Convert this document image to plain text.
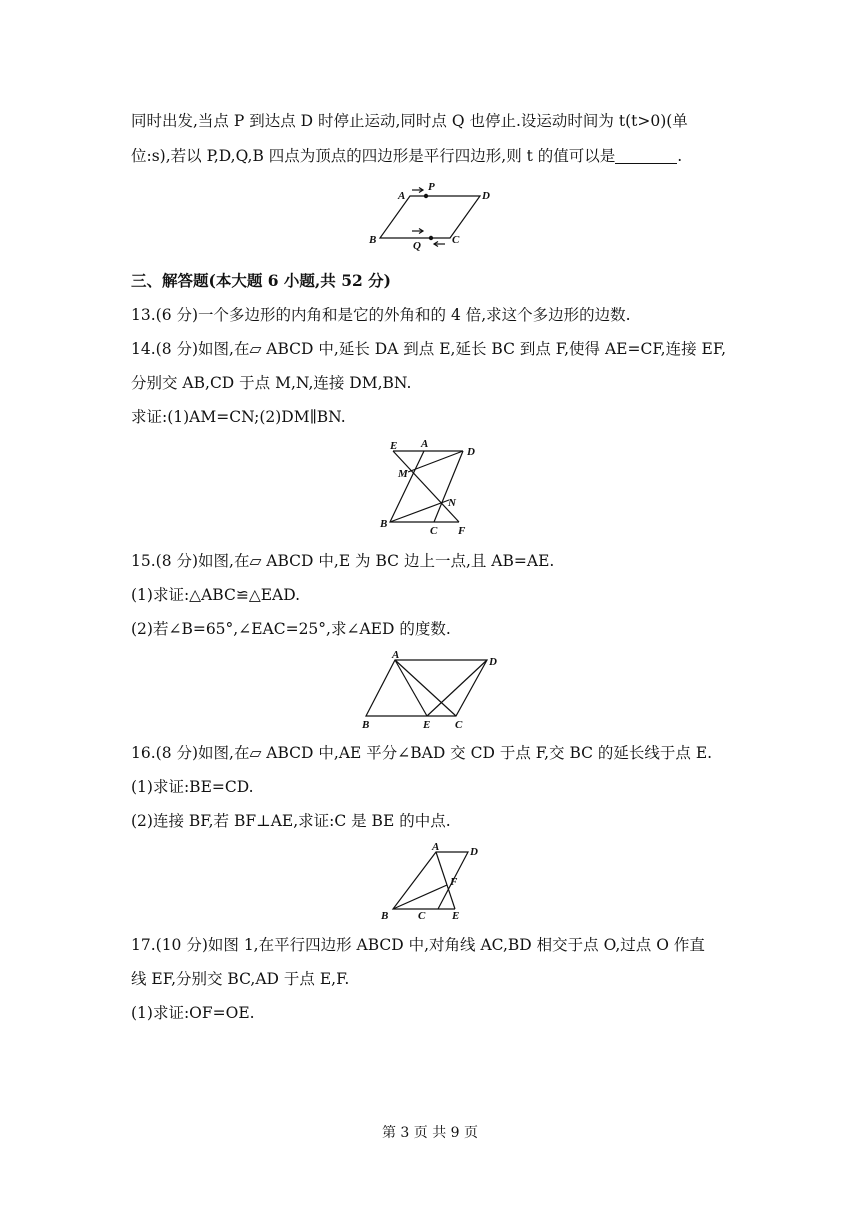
同时出发,当点 P 到达点 D 时停止运动,同时点 Q 也停止.设运动时间为 t(t>0)(单
位:s),若以 P,D,Q,B 四点为顶点的四边形是平行四边形,则 t 的值可以是	.
A
P
D
B	Q	C
三、解答题(本大题 6 小题,共 52 分)
13.(6 分)一个多边形的内角和是它的外角和的 4 倍,求这个多边形的边数.
14.(8 分)如图,在▱ ABCD 中,延长 DA 到点 E,延长 BC 到点 F,使得 AE=CF,连接 EF,
分别交 AB,CD 于点 M,N,连接 DM,BN.
求证:(1)AM=CN;(2)DM∥BN.
E A
D
M
N
B
C F
15.(8 分)如图,在▱ ABCD 中,E 为 BC 边上一点,且 AB=AE.
(1)求证:△ABC≌△EAD.
(2)若∠B=65°,∠EAC=25°,求∠AED 的度数.
A
D
B	E C
16.(8 分)如图,在▱ ABCD 中,AE 平分∠BAD 交 CD 于点 F,交 BC 的延长线于点 E.
(1)求证:BE=CD.
(2)连接 BF,若 BF⊥AE,求证:C 是 BE 的中点.
A	D
F
B	C E
17.(10 分)如图 1,在平行四边形 ABCD 中,对角线 AC,BD 相交于点 O,过点 O 作直
线 EF,分别交 BC,AD 于点 E,F.
(1)求证:OF=OE.
第 3 页 共 9 页
